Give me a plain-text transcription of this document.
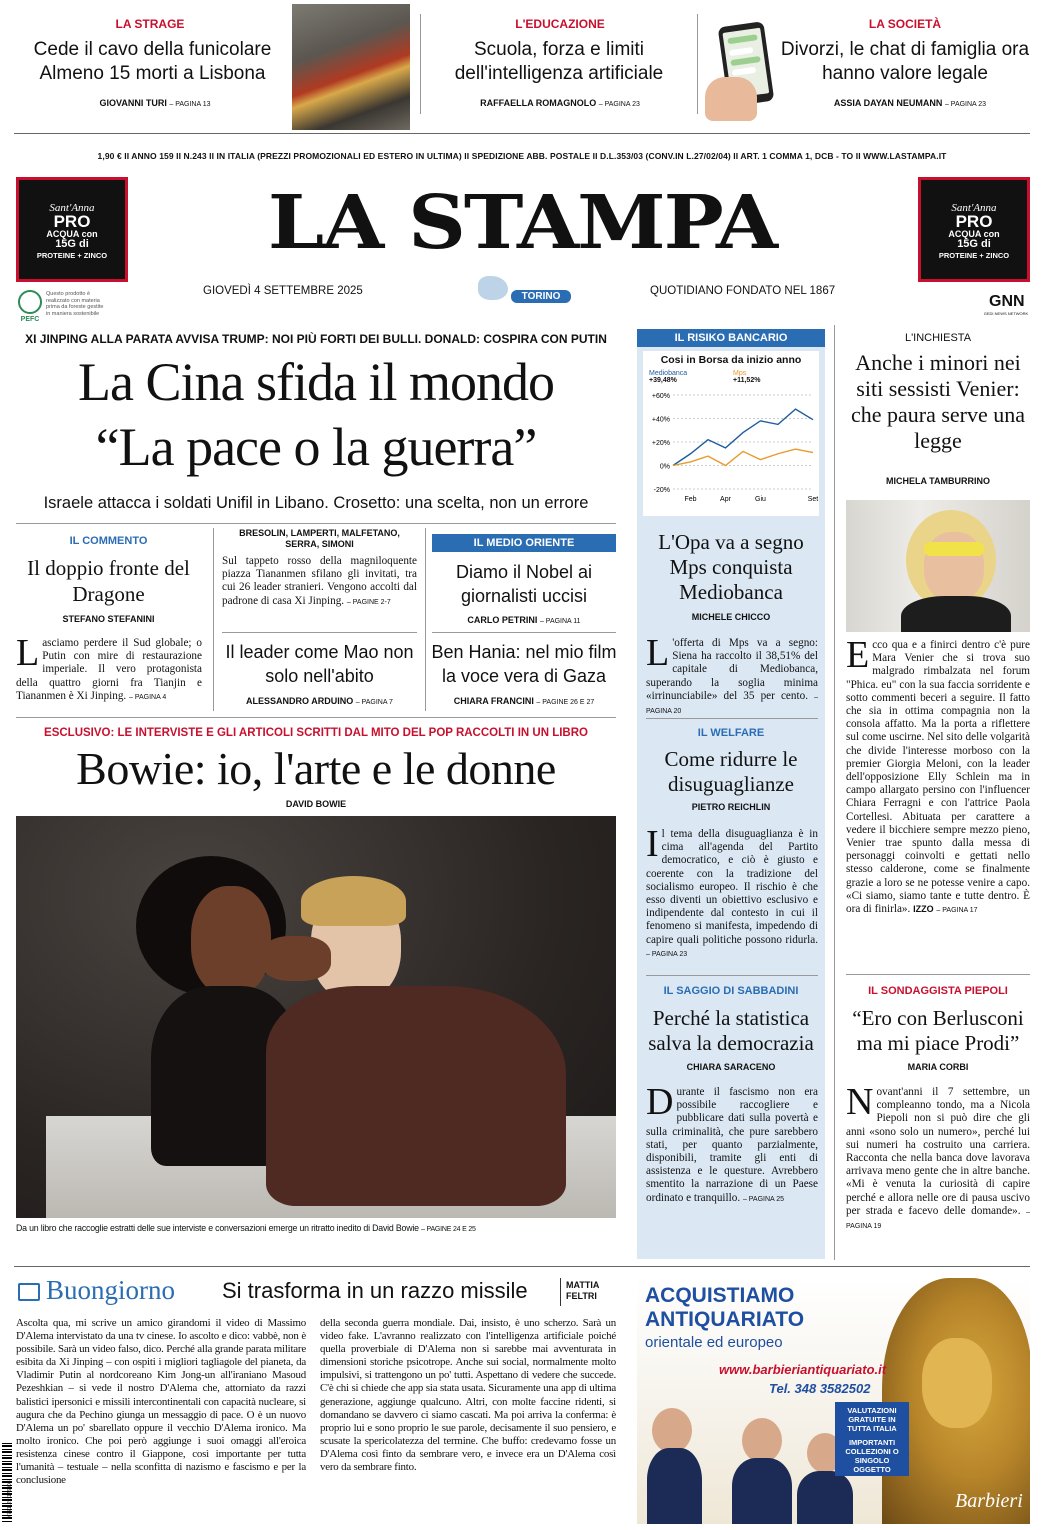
LA STRAGE
Cede il cavo della funicolare Almeno 15 morti a Lisbona
GIOVANNI TURI – PAGINA 13
L'EDUCAZIONE
Scuola, forza e limiti dell'intelligenza artificiale
RAFFAELLA ROMAGNOLO – PAGINA 23
LA SOCIETÀ
Divorzi, le chat di famiglia ora hanno valore legale
ASSIA DAYAN NEUMANN – PAGINA 23
1,90 € II ANNO 159 II N.243 II IN ITALIA (PREZZI PROMOZIONALI ED ESTERO IN ULTIMA) II SPEDIZIONE ABB. POSTALE II D.L.353/03 (CONV.IN L.27/02/04) II ART. 1 COMMA 1, DCB - TO II WWW.LASTAMPA.IT
Sant'Anna
PRO
ACQUA con
15G di
PROTEINE + ZINCO
Sant'Anna
PRO
ACQUA con
15G di
PROTEINE + ZINCO
LA STAMPA
PEFC
Questo prodotto è realizzato con materia prima da foreste gestite in maniera sostenibile
GIOVEDÌ 4 SETTEMBRE 2025	TORINO	QUOTIDIANO FONDATO NEL 1867
GNN
GEDI NEWS NETWORK
XI JINPING ALLA PARATA AVVISA TRUMP: NOI PIÙ FORTI DEI BULLI. DONALD: COSPIRA CON PUTIN
La Cina sfida il mondo
“La pace o la guerra”
Israele attacca i soldati Unifil in Libano. Crosetto: una scelta, non un errore
IL COMMENTO
Il doppio fronte del Dragone
STEFANO STEFANINI
Lasciamo perdere il Sud globale; o Putin con mire di restaurazione imperiale. Il vero protagonista della quattro giorni fra Tianjin e Tiananmen è Xi Jinping. – PAGINA 4
BRESOLIN, LAMPERTI, MALFETANO, SERRA, SIMONI
Sul tappeto rosso della magniloquente piazza Tiananmen sfilano gli invitati, tra cui 26 leader stranieri. Vengono accolti dal padrone di casa Xi Jinping. – PAGINE 2-7
Il leader come Mao non solo nell'abito
ALESSANDRO ARDUINO – PAGINA 7
IL MEDIO ORIENTE
Diamo il Nobel ai giornalisti uccisi
CARLO PETRINI – PAGINA 11
Ben Hania: nel mio film la voce vera di Gaza
CHIARA FRANCINI – PAGINE 26 E 27
ESCLUSIVO: LE INTERVISTE E GLI ARTICOLI SCRITTI DAL MITO DEL POP RACCOLTI IN UN LIBRO
Bowie: io, l'arte e le donne
DAVID BOWIE
Da un libro che raccoglie estratti delle sue interviste e conversazioni emerge un ritratto inedito di David Bowie – PAGINE 24 E 25
IL RISIKO BANCARIO
Cosi in Borsa da inizio anno
Mediobanca
+39,48%
Mps
+11,52%
+60%
+40%
+20%
0%
-20%
Feb	Apr	Giu	Set
L'Opa va a segno Mps conquista Mediobanca
MICHELE CHICCO
L 'offerta di Mps va a segno: Siena ha raccolto il 38,51% del capitale di Mediobanca, superando la soglia minima «irrinunciabile» del 35 per cento. – PAGINA 20
IL WELFARE
Come ridurre le disuguaglianze
PIETRO REICHLIN
Il tema della disuguaglianza è in cima all'agenda del Partito democratico, e ciò è giusto e coerente con la tradizione del socialismo europeo. Il rischio è che esso diventi un obiettivo esclusivo e indipendente dal contesto in cui il fenomeno si manifesta, impedendo di capire quali politiche possono ridurla. – PAGINA 23
IL SAGGIO DI SABBADINI
Perché la statistica salva la democrazia
CHIARA SARACENO
Durante il fascismo non era possibile raccogliere e pubblicare dati sulla povertà e sulla criminalità, che pure sarebbero stati, per quanto parzialmente, disponibili, tramite gli enti di assistenza e le questure. Avrebbero smentito la narrazione di un Paese ordinato e tranquillo. – PAGINA 25
L'INCHIESTA
Anche i minori nei siti sessisti Venier: che paura serve una legge
MICHELA TAMBURRINO
Ecco qua e a finirci dentro c'è pure Mara Venier che si trova suo malgrado rimbalzata nel forum "Phica. eu" con la sua faccia sorridente e sotto commenti beceri a seguire. Il fatto che sia in ottima compagnia non la consola affatto. Ma la porta a riflettere sul come uscirne. Nel sito delle volgarità che divide l'interesse morboso con la premier Giorgia Meloni, con la leader dell'opposizione Elly Schlein ma in campo allargato persino con l'influencer Chiara Ferragni e con l'attrice Paola Cortellesi. Abituata per carattere a vedere il bicchiere sempre mezzo pieno, Venier trae spunto dalla messa di personaggi coinvolti e gettati nello stesso calderone, come se finalmente grazie a loro se ne potesse venire a capo. «Ci siamo, siamo tante e tutte dentro. È ora di finirla». IZZO – PAGINA 17
IL SONDAGGISTA PIEPOLI
“Ero con Berlusconi ma mi piace Prodi”
MARIA CORBI
Novant'anni il 7 settembre, un compleanno tondo, ma a Nicola Piepoli non si può dire che gli anni «sono solo un numero», perché lui sui numeri ha costruito una carriera. Racconta che nella banca dove lavorava arrivava meno gente che in altre banche. «Mi è venuta la curiosità di capire perché e allora nelle ore di pausa uscivo per strada e facevo delle domande». – PAGINA 19
Buongiorno Si trasforma in un razzo missile	MATTIA FELTRI
Ascolta qua, mi scrive un amico girandomi il video di Massimo D'Alema intervistato da una tv cinese. Io ascolto e dico: vabbè, non è possibile. Sarà un video falso, dico. Perché alla grande parata militare esibita da Xi Jinping – con ospiti i migliori tagliagole del pianeta, da Vladimir Putin al nordcoreano Kim Jong-un all'iraniano Masoud Pezeshkian – si vede il nostro D'Alema che, attorniato da razzi balistici ipersonici e missili intercontinentali con capacità nucleare, si augura che da Pechino giunga un messaggio di pace. O è un nuovo D'Alema un po' sbarellato oppure il vecchio D'Alema ironico. Ma molto ironico. Che poi però aggiunge i suoi omaggi all'eroica resistenza cinese contro il Giappone, così importante per tutta l'umanità – testuale – nella sconfitta di nazismo e fascismo e per la conclusione
della seconda guerra mondiale. Dai, insisto, è uno scherzo. Sarà un video fake. L'avranno realizzato con l'intelligenza artificiale poiché quella proverbiale di D'Alema non si sarebbe mai avventurata in dimensioni storiche psicotrope. Anche sui social, normalmente molto impulsivi, si trattengono un po' tutti. Aspettano di vedere che succede. C'è chi si chiede che app sia stata usata. Sicuramente una app di ultima generazione, aggiunge qualcuno. Altri, con molte faccine ridenti, si domandano se davvero ci siamo cascati. Ma poi arriva la conferma: è proprio lui e sono proprio le sue parole, decisamente il suo pensiero, e scusate la spericolatezza del termine. Che buffo: credevamo fosse un D'Alema così finto da sembrare vero, e invece era un D'Alema così vero da sembrare finto.
9 771122 176003
ACQUISTIAMO
ANTIQUARIATO
orientale ed europeo
www.barbieriantiquariato.it
Tel. 348 3582502
VALUTAZIONI GRATUITE IN TUTTA ITALIA
IMPORTANTI COLLEZIONI O SINGOLO OGGETTO
Barbieri
